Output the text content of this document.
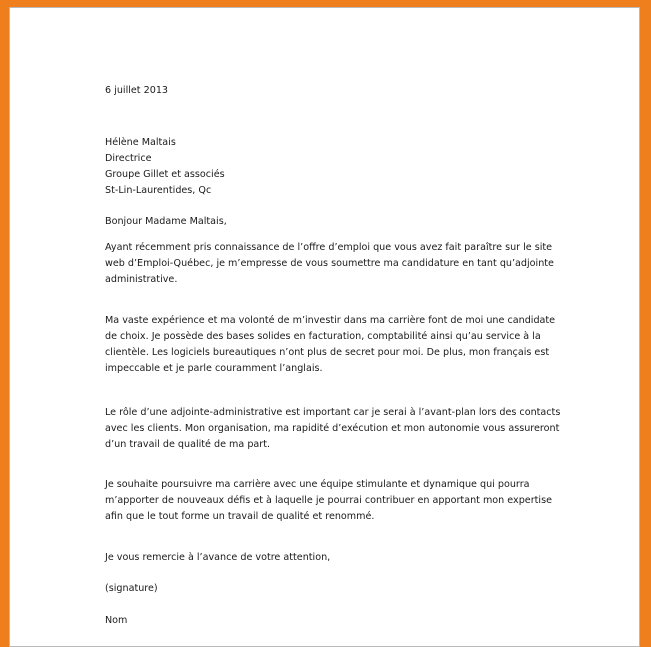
6 juillet 2013
Hélène Maltais
Directrice
Groupe Gillet et associés
St-Lin-Laurentides, Qc
Bonjour Madame Maltais,
Ayant récemment pris connaissance de l’offre d’emploi que vous avez fait paraître sur le site
web d’Emploi-Québec, je m’empresse de vous soumettre ma candidature en tant qu’adjointe
administrative.
Ma vaste expérience et ma volonté de m’investir dans ma carrière font de moi une candidate
de choix. Je possède des bases solides en facturation, comptabilité ainsi qu’au service à la
clientèle. Les logiciels bureautiques n’ont plus de secret pour moi. De plus, mon français est
impeccable et je parle couramment l’anglais.
Le rôle d’une adjointe-administrative est important car je serai à l’avant-plan lors des contacts
avec les clients. Mon organisation, ma rapidité d’exécution et mon autonomie vous assureront
d’un travail de qualité de ma part.
Je souhaite poursuivre ma carrière avec une équipe stimulante et dynamique qui pourra
m’apporter de nouveaux défis et à laquelle je pourrai contribuer en apportant mon expertise
afin que le tout forme un travail de qualité et renommé.
Je vous remercie à l’avance de votre attention,
(signature)
Nom
